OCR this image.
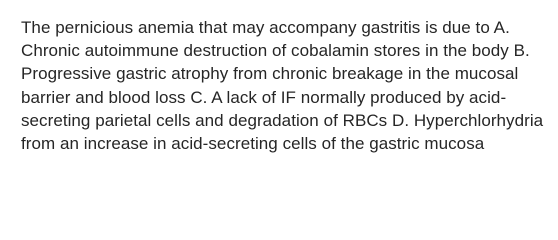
The pernicious anemia that may accompany gastritis is due to A. Chronic autoimmune destruction of cobalamin stores in the body B. Progressive gastric atrophy from chronic breakage in the mucosal barrier and blood loss C. A lack of IF normally produced by acid-secreting parietal cells and degradation of RBCs D. Hyperchlorhydria from an increase in acid-secreting cells of the gastric mucosa
